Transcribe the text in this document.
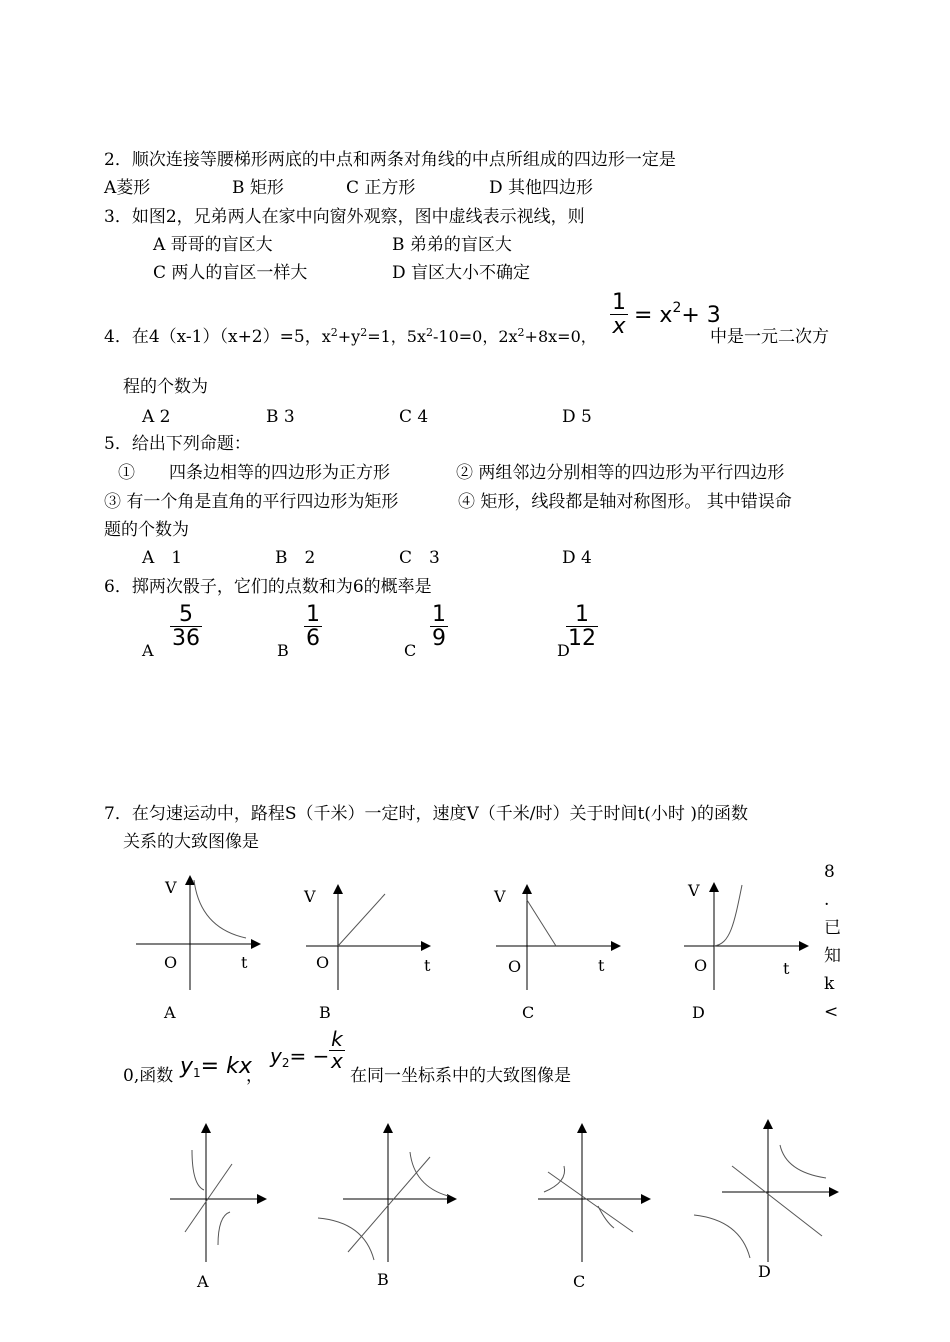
2．顺次连接等腰梯形两底的中点和两条对角线的中点所组成的四边形一定是
A菱形	B 矩形	C 正方形	D 其他四边形
3．如图2，兄弟两人在家中向窗外观察，图中虚线表示视线，则
A 哥哥的盲区大	B 弟弟的盲区大
C 两人的盲区一样大	D 盲区大小不确定
4．在4（x-1）（x+2）=5，$x^2+y^2=1$，$5x^2-10=0$，$2x^2+8x=0$， $\frac{1}{x} = x^2+ 3$
中是一元二次方
程的个数为
A 2	B 3	C 4	D 5
5．给出下列命题：
①　　四条边相等的四边形为正方形	② 两组邻边分别相等的四边形为平行四边形
③ 有一个角是直角的平行四边形为矩形	④ 矩形，线段都是轴对称图形。 其中错误命
题的个数为
A　1	B　2	C　3	D 4
6．掷两次骰子，它们的点数和为6的概率是
A
$\frac{5}{36}$
B
$\frac{1}{6}$
C
$\frac{1}{9}$
D
$\frac{1}{12}$
7．在匀速运动中，路程S（千米）一定时，速度V（千米/时）关于时间t(小时 )的函数
关系的大致图像是
V
O	t
A
V
O	t
B
V
O	t
C
V
O	t
D
8
.
已
知
k
<
0,函数 $y_1=$ kx
，
$y_2= - \frac{k}{x}$
在同一坐标系中的大致图像是
A	B	C
D
